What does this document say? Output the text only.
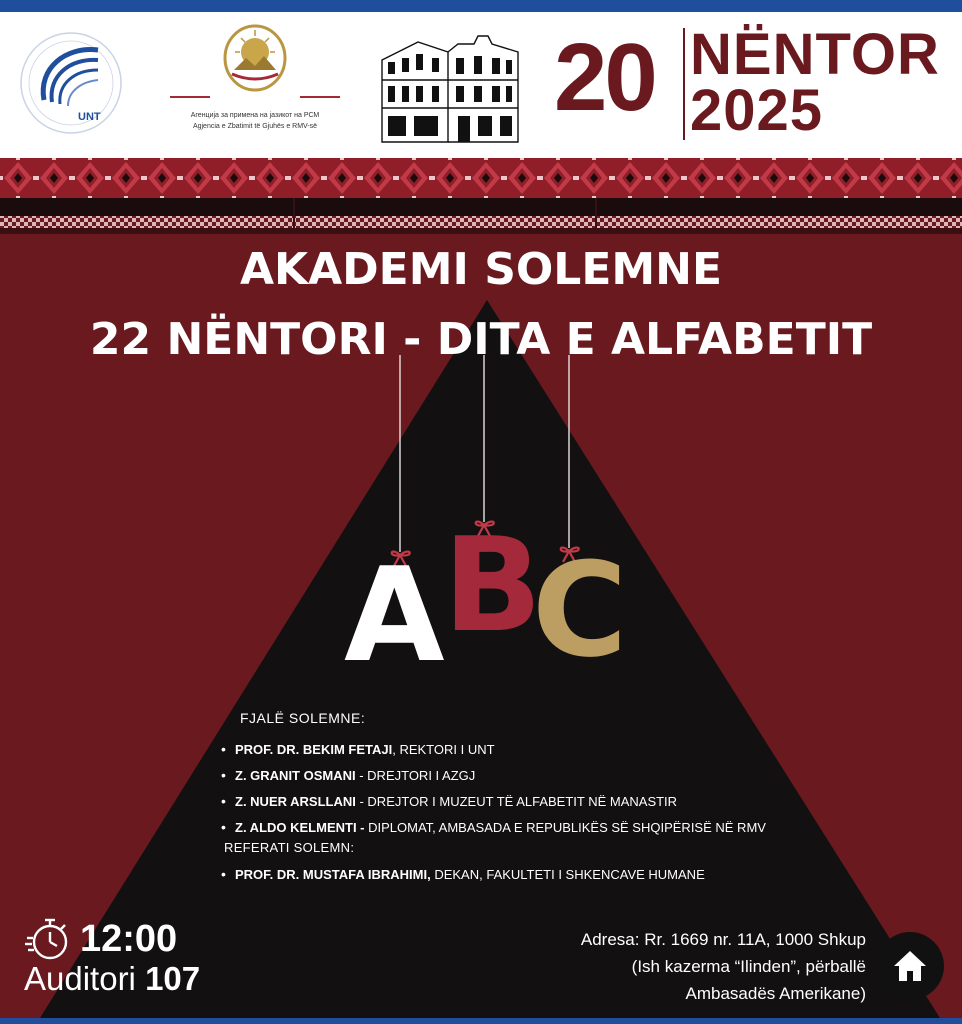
UNT	Агенција за примена на јазикот на РСМ
Agjencia e Zbatimit të Gjuhës e RMV-së 20 NËNTOR
2025
AKADEMI SOLEMNE
22 NËNTORI - DITA E ALFABETIT
A
B
C
FJALË SOLEMNE:
• PROF. DR. BEKIM FETAJI, REKTORI I UNT
• Z. GRANIT OSMANI - DREJTORI I AZGJ
• Z. NUER ARSLLANI - DREJTOR I MUZEUT TË ALFABETIT NË MANASTIR
• Z. ALDO KELMENTI - DIPLOMAT, AMBASADA E REPUBLIKËS SË SHQIPËRISË NË RMV
REFERATI SOLEMN:
• PROF. DR. MUSTAFA IBRAHIMI, DEKAN, FAKULTETI I SHKENCAVE HUMANE
12:00
Auditori 107
Adresa: Rr. 1669 nr. 11A, 1000 Shkup
(Ish kazerma “Ilinden”, përballë
Ambasadës Amerikane)
